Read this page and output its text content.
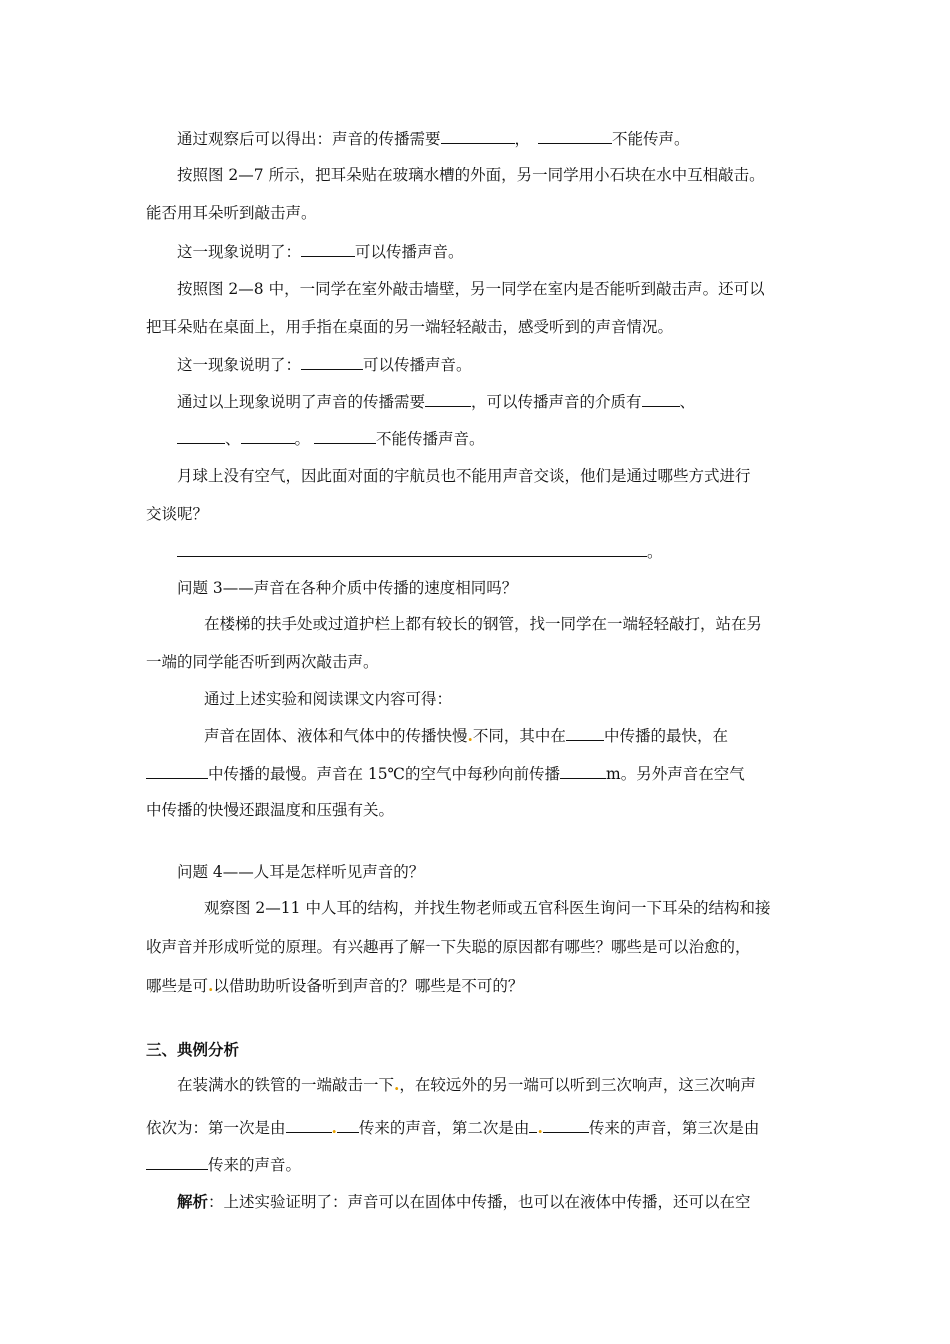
通过观察后可以得出：声音的传播需要	，	不能传声。
按照图 2—7 所示，把耳朵贴在玻璃水槽的外面，另一同学用小石块在水中互相敲击。
能否用耳朵听到敲击声。
这一现象说明了：	可以传播声音。
按照图 2—8 中，一同学在室外敲击墙壁，另一同学在室内是否能听到敲击声。还可以
把耳朵贴在桌面上，用手指在桌面的另一端轻轻敲击，感受听到的声音情况。
这一现象说明了：	可以传播声音。
通过以上现象说明了声音的传播需要	，可以传播声音的介质有 、
、	。	不能传播声音。
月球上没有空气，因此面对面的宇航员也不能用声音交谈，他们是通过哪些方式进行
交谈呢？
。
问题 3——声音在各种介质中传播的速度相同吗？
在楼梯的扶手处或过道护栏上都有较长的钢管，找一同学在一端轻轻敲打，站在另
一端的同学能否听到两次敲击声。
通过上述实验和阅读课文内容可得：
声音在固体、液体和气体中的传播快慢.不同，其中在 中传播的最快，在
中传播的最慢。声音在 15℃的空气中每秒向前传播	m。另外声音在空气
中传播的快慢还跟温度和压强有关。
问题 4——人耳是怎样听见声音的？
观察图 2—11 中人耳的结构，并找生物老师或五官科医生询问一下耳朵的结构和接
收声音并形成听觉的原理。有兴趣再了解一下失聪的原因都有哪些？哪些是可以治愈的，
哪些是可.以借助助听设备听到声音的？哪些是不可的？
三、典例分析
在装满水的铁管的一端敲击一下.，在较远外的另一端可以听到三次响声，这三次响声
依次为：第一次是由	. 传来的声音，第二次是由 .	传来的声音，第三次是由
传来的声音。
解析：上述实验证明了：声音可以在固体中传播，也可以在液体中传播，还可以在空
